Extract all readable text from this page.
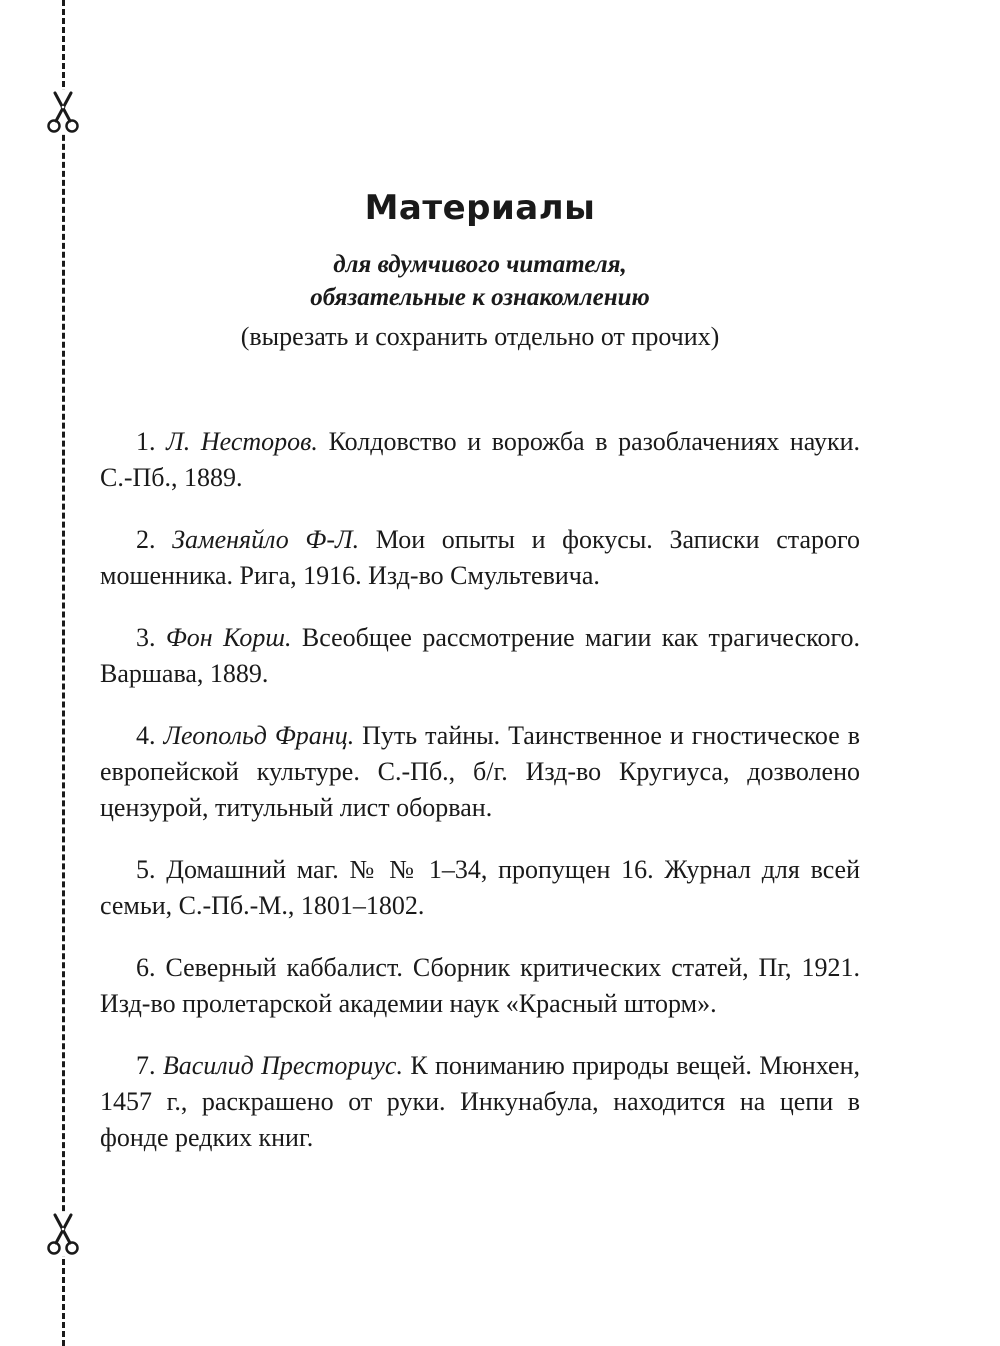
Материалы
для вдумчивого читателя,
обязательные к ознакомлению
(вырезать и сохранить отдельно от прочих)

1. Л. Несторов. Колдовство и ворожба в разоблачениях науки. С.-Пб., 1889.

2. Заменяйло Ф-Л. Мои опыты и фокусы. Записки старого мошенника. Рига, 1916. Изд-во Смультевича.

3. Фон Корш. Всеобщее рассмотрение магии как трагического. Варшава, 1889.

4. Леопольд Франц. Путь тайны. Таинственное и гностическое в европейской культуре. С.-Пб., б/г. Изд-во Кругиуса, дозволено цензурой, титульный лист оборван.

5. Домашний маг. № № 1–34, пропущен 16. Журнал для всей семьи, С.-Пб.-М., 1801–1802.

6. Северный каббалист. Сборник критических статей, Пг, 1921. Изд-во пролетарской академии наук «Красный шторм».

7. Василид Престориус. К пониманию природы вещей. Мюнхен, 1457 г., раскрашено от руки. Инкунабула, находится на цепи в фонде редких книг.
